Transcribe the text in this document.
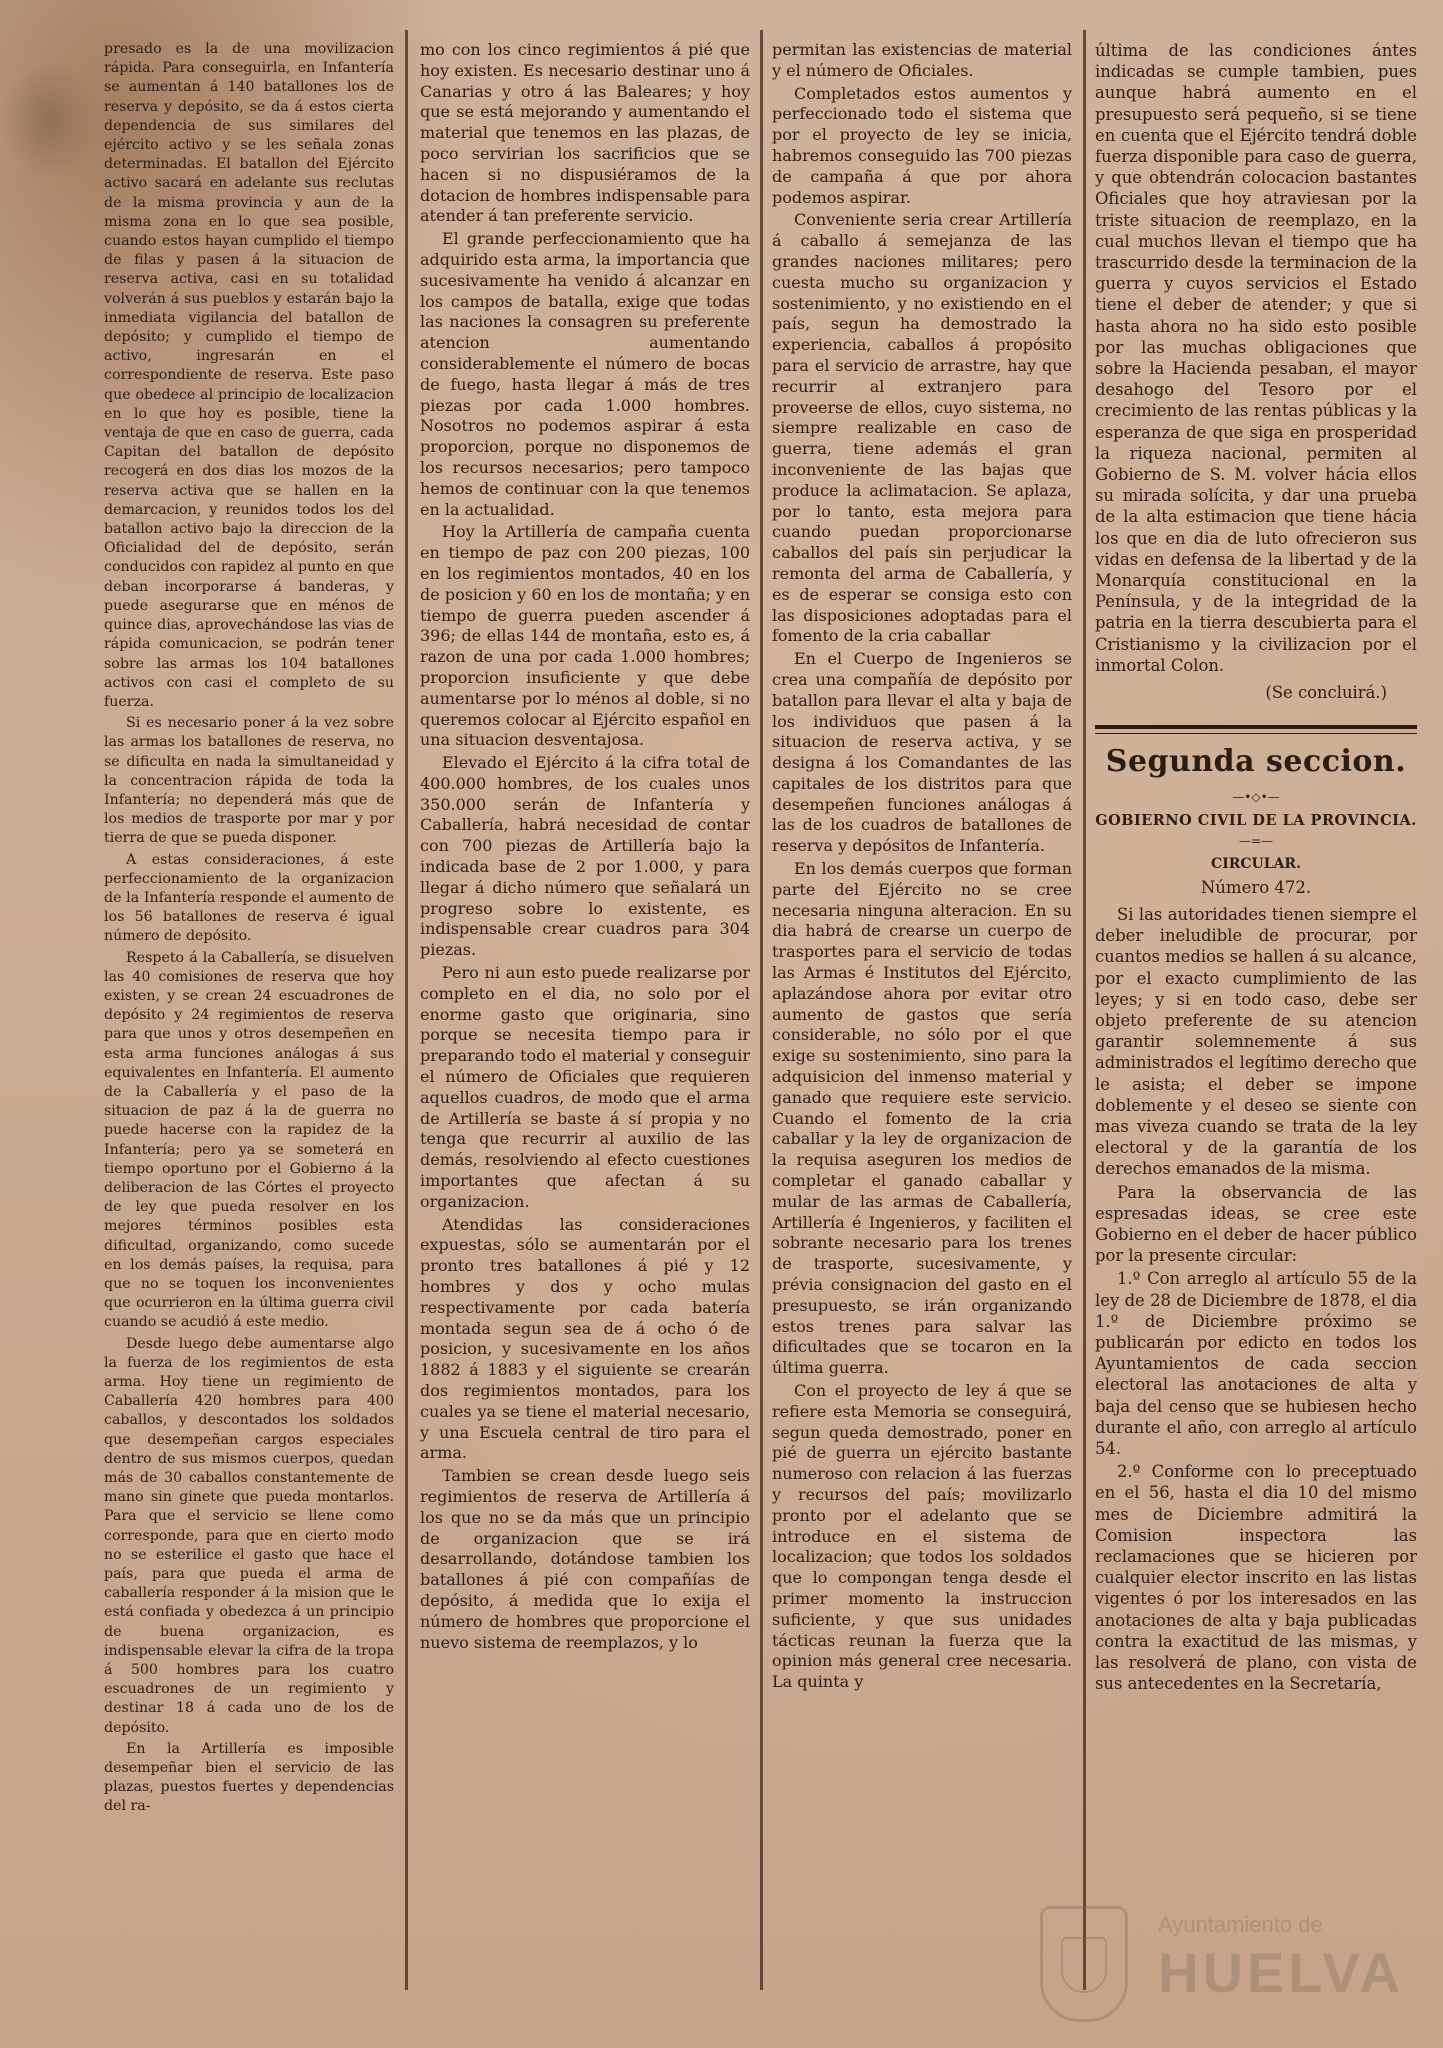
presado es la de una movilizacion rápida. Para conseguirla, en Infantería se aumentan á 140 batallones los de reserva y depósito, se da á estos cierta dependencia de sus similares del ejército activo y se les señala zonas determinadas. El batallon del Ejército activo sacará en adelante sus reclutas de la misma provincia y aun de la misma zona en lo que sea posible, cuando estos hayan cumplido el tiempo de filas y pasen á la situacion de reserva activa, casi en su totalidad volverán á sus pueblos y estarán bajo la inmediata vigilancia del batallon de depósito; y cumplido el tiempo de activo, ingresarán en el correspondiente de reserva. Este paso que obedece al principio de localizacion en lo que hoy es posible, tiene la ventaja de que en caso de guerra, cada Capitan del batallon de depósito recogerá en dos dias los mozos de la reserva activa que se hallen en la demarcacion, y reunidos todos los del batallon activo bajo la direccion de la Oficialidad del de depósito, serán conducidos con rapidez al punto en que deban incorporarse á banderas, y puede asegurarse que en ménos de quince dias, aprovechándose las vias de rápida comunicacion, se podrán tener sobre las armas los 104 batallones activos con casi el completo de su fuerza.

Si es necesario poner á la vez sobre las armas los batallones de reserva, no se dificulta en nada la simultaneidad y la concentracion rápida de toda la Infantería; no dependerá más que de los medios de trasporte por mar y por tierra de que se pueda disponer.

A estas consideraciones, á este perfeccionamiento de la organizacion de la Infantería responde el aumento de los 56 batallones de reserva é igual número de depósito.

Respeto á la Caballería, se disuelven las 40 comisiones de reserva que hoy existen, y se crean 24 escuadrones de depósito y 24 regimientos de reserva para que unos y otros desempeñen en esta arma funciones análogas á sus equivalentes en Infantería. El aumento de la Caballería y el paso de la situacion de paz á la de guerra no puede hacerse con la rapidez de la Infantería; pero ya se someterá en tiempo oportuno por el Gobierno á la deliberacion de las Córtes el proyecto de ley que pueda resolver en los mejores términos posibles esta dificultad, organizando, como sucede en los demás países, la requisa, para que no se toquen los inconvenientes que ocurrieron en la última guerra civil cuando se acudió á este medio.

Desde luego debe aumentarse algo la fuerza de los regimientos de esta arma. Hoy tiene un regimiento de Caballería 420 hombres para 400 caballos, y descontados los soldados que desempeñan cargos especiales dentro de sus mismos cuerpos, quedan más de 30 caballos constantemente de mano sin ginete que pueda montarlos. Para que el servicio se llene como corresponde, para que en cierto modo no se esterilice el gasto que hace el país, para que pueda el arma de caballería responder á la mision que le está confiada y obedezca á un principio de buena organizacion, es indispensable elevar la cifra de la tropa á 500 hombres para los cuatro escuadrones de un regimiento y destinar 18 á cada uno de los de depósito.

En la Artillería es imposible desempeñar bien el servicio de las plazas, puestos fuertes y dependencias del ra-

mo con los cinco regimientos á pié que hoy existen. Es necesario destinar uno á Canarias y otro á las Baleares; y hoy que se está mejorando y aumentando el material que tenemos en las plazas, de poco servirian los sacrificios que se hacen si no dispusiéramos de la dotacion de hombres indispensable para atender á tan preferente servicio.

El grande perfeccionamiento que ha adquirido esta arma, la importancia que sucesivamente ha venido á alcanzar en los campos de batalla, exige que todas las naciones la consagren su preferente atencion aumentando considerablemente el número de bocas de fuego, hasta llegar á más de tres piezas por cada 1.000 hombres. Nosotros no podemos aspirar á esta proporcion, porque no disponemos de los recursos necesarios; pero tampoco hemos de continuar con la que tenemos en la actualidad.

Hoy la Artillería de campaña cuenta en tiempo de paz con 200 piezas, 100 en los regimientos montados, 40 en los de posicion y 60 en los de montaña; y en tiempo de guerra pueden ascender á 396; de ellas 144 de montaña, esto es, á razon de una por cada 1.000 hombres; proporcion insuficiente y que debe aumentarse por lo ménos al doble, si no queremos colocar al Ejército español en una situacion desventajosa.

Elevado el Ejército á la cifra total de 400.000 hombres, de los cuales unos 350.000 serán de Infantería y Caballería, habrá necesidad de contar con 700 piezas de Artillería bajo la indicada base de 2 por 1.000, y para llegar á dicho número que señalará un progreso sobre lo existente, es indispensable crear cuadros para 304 piezas.

Pero ni aun esto puede realizarse por completo en el dia, no solo por el enorme gasto que originaria, sino porque se necesita tiempo para ir preparando todo el material y conseguir el número de Oficiales que requieren aquellos cuadros, de modo que el arma de Artillería se baste á sí propia y no tenga que recurrir al auxilio de las demás, resolviendo al efecto cuestiones importantes que afectan á su organizacion.

Atendidas las consideraciones expuestas, sólo se aumentarán por el pronto tres batallones á pié y 12 hombres y dos y ocho mulas respectivamente por cada batería montada segun sea de á ocho ó de posicion, y sucesivamente en los años 1882 á 1883 y el siguiente se crearán dos regimientos montados, para los cuales ya se tiene el material necesario, y una Escuela central de tiro para el arma.

Tambien se crean desde luego seis regimientos de reserva de Artillería á los que no se da más que un principio de organizacion que se irá desarrollando, dotándose tambien los batallones á pié con compañías de depósito, á medida que lo exija el número de hombres que proporcione el nuevo sistema de reemplazos, y lo

permitan las existencias de material y el número de Oficiales.

Completados estos aumentos y perfeccionado todo el sistema que por el proyecto de ley se inicia, habremos conseguido las 700 piezas de campaña á que por ahora podemos aspirar.

Conveniente seria crear Artillería á caballo á semejanza de las grandes naciones militares; pero cuesta mucho su organizacion y sostenimiento, y no existiendo en el país, segun ha demostrado la experiencia, caballos á propósito para el servicio de arrastre, hay que recurrir al extranjero para proveerse de ellos, cuyo sistema, no siempre realizable en caso de guerra, tiene además el gran inconveniente de las bajas que produce la aclimatacion. Se aplaza, por lo tanto, esta mejora para cuando puedan proporcionarse caballos del país sin perjudicar la remonta del arma de Caballería, y es de esperar se consiga esto con las disposiciones adoptadas para el fomento de la cria caballar

En el Cuerpo de Ingenieros se crea una compañía de depósito por batallon para llevar el alta y baja de los individuos que pasen á la situacion de reserva activa, y se designa á los Comandantes de las capitales de los distritos para que desempeñen funciones análogas á las de los cuadros de batallones de reserva y depósitos de Infantería.

En los demás cuerpos que forman parte del Ejército no se cree necesaria ninguna alteracion. En su dia habrá de crearse un cuerpo de trasportes para el servicio de todas las Armas é Institutos del Ejército, aplazándose ahora por evitar otro aumento de gastos que sería considerable, no sólo por el que exige su sostenimiento, sino para la adquisicion del inmenso material y ganado que requiere este servicio. Cuando el fomento de la cria caballar y la ley de organizacion de la requisa aseguren los medios de completar el ganado caballar y mular de las armas de Caballería, Artillería é Ingenieros, y faciliten el sobrante necesario para los trenes de trasporte, sucesivamente, y prévia consignacion del gasto en el presupuesto, se irán organizando estos trenes para salvar las dificultades que se tocaron en la última guerra.

Con el proyecto de ley á que se refiere esta Memoria se conseguirá, segun queda demostrado, poner en pié de guerra un ejército bastante numeroso con relacion á las fuerzas y recursos del país; movilizarlo pronto por el adelanto que se introduce en el sistema de localizacion; que todos los soldados que lo compongan tenga desde el primer momento la instruccion suficiente, y que sus unidades tácticas reunan la fuerza que la opinion más general cree necesaria. La quinta y

última de las condiciones ántes indicadas se cumple tambien, pues aunque habrá aumento en el presupuesto será pequeño, si se tiene en cuenta que el Ejército tendrá doble fuerza disponible para caso de guerra, y que obtendrán colocacion bastantes Oficiales que hoy atraviesan por la triste situacion de reemplazo, en la cual muchos llevan el tiempo que ha trascurrido desde la terminacion de la guerra y cuyos servicios el Estado tiene el deber de atender; y que si hasta ahora no ha sido esto posible por las muchas obligaciones que sobre la Hacienda pesaban, el mayor desahogo del Tesoro por el crecimiento de las rentas públicas y la esperanza de que siga en prosperidad la riqueza nacional, permiten al Gobierno de S. M. volver hácia ellos su mirada solícita, y dar una prueba de la alta estimacion que tiene hácia los que en dia de luto ofrecieron sus vidas en defensa de la libertad y de la Monarquía constitucional en la Península, y de la integridad de la patria en la tierra descubierta para el Cristianismo y la civilizacion por el inmortal Colon.

(Se concluirá.)
Segunda seccion.
—•◇•—
GOBIERNO CIVIL DE LA PROVINCIA.
—=—
CIRCULAR.
Número 472.

Si las autoridades tienen siempre el deber ineludible de procurar, por cuantos medios se hallen á su alcance, por el exacto cumplimiento de las leyes; y si en todo caso, debe ser objeto preferente de su atencion garantir solemnemente á sus administrados el legítimo derecho que le asista; el deber se impone doblemente y el deseo se siente con mas viveza cuando se trata de la ley electoral y de la garantía de los derechos emanados de la misma.

Para la observancia de las espresadas ideas, se cree este Gobierno en el deber de hacer público por la presente circular:

1.º Con arreglo al artículo 55 de la ley de 28 de Diciembre de 1878, el dia 1.º de Diciembre próximo se publicarán por edicto en todos los Ayuntamientos de cada seccion electoral las anotaciones de alta y baja del censo que se hubiesen hecho durante el año, con arreglo al artículo 54.

2.º Conforme con lo preceptuado en el 56, hasta el dia 10 del mismo mes de Diciembre admitirá la Comision inspectora las reclamaciones que se hicieren por cualquier elector inscrito en las listas vigentes ó por los interesados en las anotaciones de alta y baja publicadas contra la exactitud de las mismas, y las resolverá de plano, con vista de sus antecedentes en la Secretaría,

Ayuntamiento de
HUELVA
